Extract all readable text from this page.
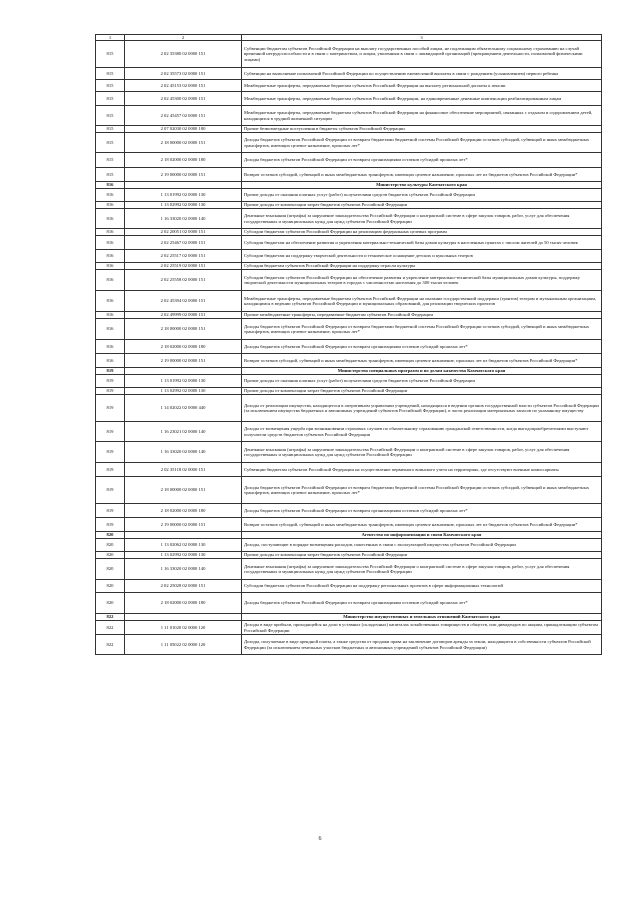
1	2	3
815	2 02 35380 02 0000 151	Субвенции бюджетам субъектов Российской Федерации на выплату государственных пособий лицам, не подлежащим обязательному социальному страхованию на случай временной нетрудоспособности и в связи с материнством, и лицам, уволенным в связи с ликвидацией организаций (прекращением деятельности, полномочий физическими лицами)
815	2 02 35573 02 0000 151	Субвенции на выполнение полномочий Российской Федерации по осуществлению ежемесячной выплаты в связи с рождением (усыновлением) первого ребенка
815	2 02 45153 02 0000 151	Межбюджетные трансферты, передаваемые бюджетам субъектов Российской Федерации на выплату региональной доплаты к пенсии
815	2 02 45300 02 0000 151	Межбюджетные трансферты, передаваемые бюджетам субъектов Российской Федерации, на единовременные денежные компенсации реабилитированным лицам
815	2 02 45457 02 0000 151	Межбюджетные трансферты, передаваемые бюджетам субъектов Российской Федерации на финансовое обеспечение мероприятий, связанных с отдыхом и оздоровлением детей, находящихся в трудной жизненной ситуации
815	2 07 02030 02 0000 180	Прочие безвозмездные поступления в бюджеты субъектов Российской Федерации
815	2 18 00000 02 0000 151	Доходы бюджетов субъектов Российской Федерации от возврата бюджетами бюджетной системы Российской Федерации остатков субсидий, субвенций и иных межбюджетных трансфертов, имеющих целевое назначение, прошлых лет*
815	2 18 02000 02 0000 180	Доходы бюджетов субъектов Российской Федерации от возврата организациями остатков субсидий прошлых лет*
815	2 19 00000 02 0000 151	Возврат остатков субсидий, субвенций и иных межбюджетных трансфертов, имеющих целевое назначение, прошлых лет из бюджетов субъектов Российской Федерации*
816		Министерство культуры Камчатского края
816	1 13 01992 02 0000 130	Прочие доходы от оказания платных услуг (работ) получателями средств бюджетов субъектов Российской Федерации
816	1 13 02992 02 0000 130	Прочие доходы от компенсации затрат бюджетов субъектов Российской Федерации
816	1 16 33020 02 0000 140	Денежные взыскания (штрафы) за нарушение законодательства Российской Федерации о контрактной системе в сфере закупок товаров, работ, услуг для обеспечения государственных и муниципальных нужд для нужд субъектов Российской Федерации
816	2 02 20051 02 0000 151	Субсидии бюджетам субъектов Российской Федерации на реализацию федеральных целевых программ
816	2 02 25467 02 0000 151	Субсидии бюджетам на обеспечение развития и укрепления материально-технической базы домов культуры в населенных пунктах с числом жителей до 50 тысяч человек
816	2 02 25517 02 0000 151	Субсидии бюджетам на поддержку творческой деятельности и техническое оснащение детских и кукольных театров
816	2 02 25519 02 0000 151	Субсидия бюджетам субъектов Российской Федерации на поддержку отрасли культуры
816	2 02 25558 02 0000 151	Субсидии бюджетам субъектов Российской Федерации на обеспечение развития и укрепление материально-технической базы муниципальных домов культуры, поддержку творческой деятельности муниципальных театров в городах с численностью населения до 300 тысяч человек
816	2 02 45394 02 0000 151	Межбюджетные трансферты, передаваемые бюджетам субъектов Российской Федерации на оказание государственной поддержки (грантов) театрам и музыкальным организациям, находящимся в ведении субъектов Российской Федерации и муниципальных образований, для реализации творческих проектов
816	2 02 49999 02 0000 151	Прочие межбюджетные трансферты, передаваемые бюджетам субъектов Российской Федерации
816	2 18 00000 02 0000 151	Доходы бюджетов субъектов Российской Федерации от возврата бюджетами бюджетной системы Российской Федерации остатков субсидий, субвенций и иных межбюджетных трансфертов, имеющих целевое назначение, прошлых лет*
816	2 18 02000 02 0000 180	Доходы бюджетов субъектов Российской Федерации от возврата организациями остатков субсидий прошлых лет*
816	2 19 00000 02 0000 151	Возврат остатков субсидий, субвенций и иных межбюджетных трансфертов, имеющих целевое назначение, прошлых лет из бюджетов субъектов Российской Федерации*
819		Министерство специальных программ и по делам казачества Камчатского края
819	1 13 01992 02 0000 130	Прочие доходы от оказания платных услуг (работ) получателями средств бюджетов субъектов Российской Федерации
819	1 13 02992 02 0000 130	Прочие доходы от компенсации затрат бюджетов субъектов Российской Федерации
819	1 14 02022 02 0000 440	Доходы от реализации имущества, находящегося в оперативном управлении учреждений, находящихся в ведении органов государственной власти субъектов Российской Федерации (за исключением имущества бюджетных и автономных учреждений субъектов Российской Федерации), в части реализации материальных запасов по указанному имуществу
819	1 16 23021 02 0000 140	Доходы от возмещения ущерба при возникновении страховых случаев по обязательному страхованию гражданской ответственности, когда выгодоприобретателями выступают получатели средств бюджетов субъектов Российской Федерации
819	1 16 33020 02 0000 140	Денежные взыскания (штрафы) за нарушение законодательства Российской Федерации о контрактной системе в сфере закупок товаров, работ, услуг для обеспечения государственных и муниципальных нужд для нужд субъектов Российской Федерации
819	2 02 35118 02 0000 151	Субвенции бюджетам субъектов Российской Федерации на осуществление первичного воинского учета на территориях, где отсутствуют военные комиссариаты
819	2 18 00000 02 0000 151	Доходы бюджетов субъектов Российской Федерации от возврата бюджетами бюджетной системы Российской Федерации остатков субсидий, субвенций и иных межбюджетных трансфертов, имеющих целевое назначение, прошлых лет*
819	2 18 02000 02 0000 180	Доходы бюджетов субъектов Российской Федерации от возврата организациями остатков субсидий прошлых лет*
819	2 19 00000 02 0000 151	Возврат остатков субсидий, субвенций и иных межбюджетных трансфертов, имеющих целевое назначение, прошлых лет из бюджетов субъектов Российской Федерации*
820		Агентство по информатизации и связи Камчатского края
820	1 13 02062 02 0000 130	Доходы, поступающие в порядке возмещения расходов, понесенных в связи с эксплуатацией имущества субъектов Российской Федерации
820	1 13 02992 02 0000 130	Прочие доходы от компенсации затрат бюджетов субъектов Российской Федерации
820	1 16 33020 02 0000 140	Денежные взыскания (штрафы) за нарушение законодательства Российской Федерации о контрактной системе в сфере закупок товаров, работ, услуг для обеспечения государственных и муниципальных нужд для нужд субъектов Российской Федерации
820	2 02 25028 02 0000 151	Субсидии бюджетам субъектов Российской Федерации на поддержку региональных проектов в сфере информационных технологий
820	2 18 02000 02 0000 180	Доходы бюджетов субъектов Российской Федерации от возврата организациями остатков субсидий прошлых лет*
822		Министерство имущественных и земельных отношений Камчатского края
822	1 11 01020 02 0000 120	Доходы в виде прибыли, приходящейся на доли в уставных (складочных) капиталах хозяйственных товариществ и обществ, или дивидендов по акциям, принадлежащим субъектам Российской Федерации
822	1 11 05022 02 0000 120	Доходы, получаемые в виде арендной платы, а также средства от продажи права на заключение договоров аренды за земли, находящиеся в собственности субъектов Российской Федерации (за исключением земельных участков бюджетных и автономных учреждений субъектов Российской Федерации)
6
